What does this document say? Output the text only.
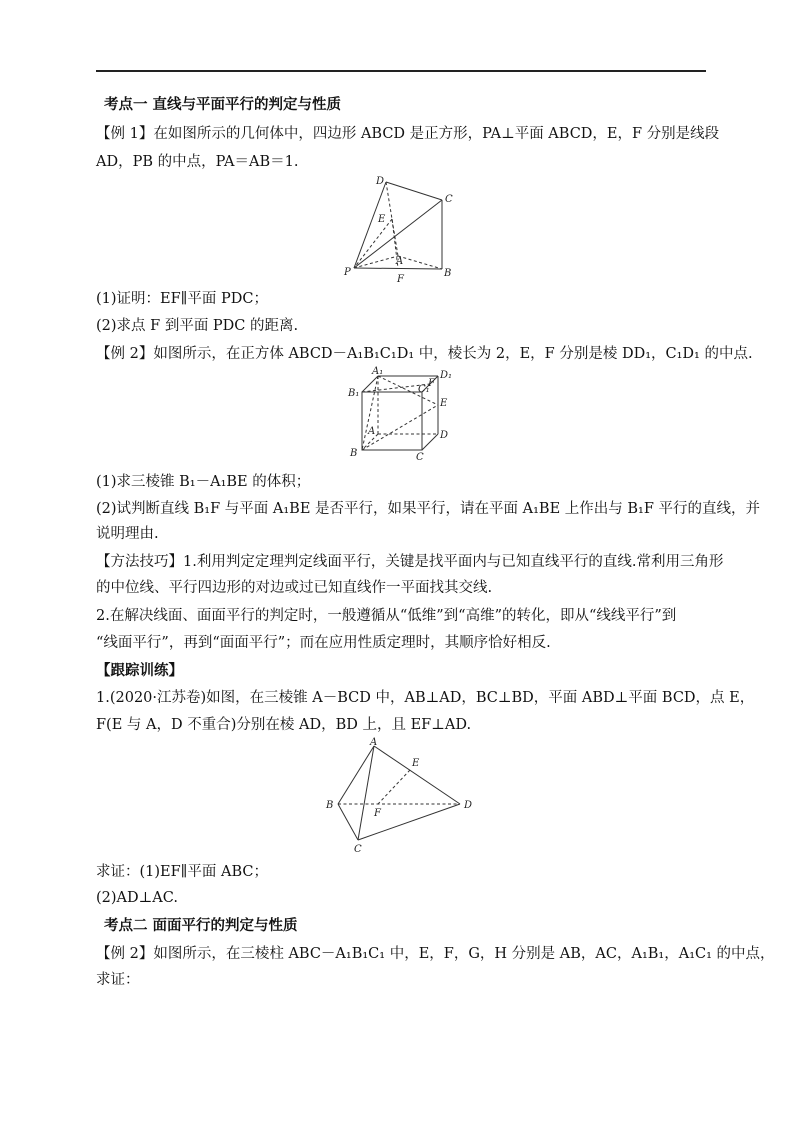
考点一 直线与平面平行的判定与性质
【例 1】在如图所示的几何体中，四边形 ABCD 是正方形，PA⊥平面 ABCD，E，F 分别是线段
AD，PB 的中点，PA＝AB＝1.
D
C
E
A
P
F
B
(1)证明：EF∥平面 PDC；
(2)求点 F 到平面 PDC 的距离.
【例 2】如图所示，在正方体 ABCD－A₁B₁C₁D₁ 中，棱长为 2，E，F 分别是棱 DD₁，C₁D₁ 的中点.
A₁	D₁
B₁	C₁
F
E
A	D
B	C
(1)求三棱锥 B₁－A₁BE 的体积；
(2)试判断直线 B₁F 与平面 A₁BE 是否平行，如果平行，请在平面 A₁BE 上作出与 B₁F 平行的直线，并
说明理由.
【方法技巧】1.利用判定定理判定线面平行，关键是找平面内与已知直线平行的直线.常利用三角形
的中位线、平行四边形的对边或过已知直线作一平面找其交线.
2.在解决线面、面面平行的判定时，一般遵循从“低维”到“高维”的转化，即从“线线平行”到
“线面平行”，再到“面面平行”；而在应用性质定理时，其顺序恰好相反.
【跟踪训练】
1.(2020·江苏卷)如图，在三棱锥 A－BCD 中，AB⊥AD，BC⊥BD，平面 ABD⊥平面 BCD，点 E，
F(E 与 A，D 不重合)分别在棱 AD，BD 上，且 EF⊥AD.
A
E
B	D
F
C
求证：(1)EF∥平面 ABC；
(2)AD⊥AC.
考点二 面面平行的判定与性质
【例 2】如图所示，在三棱柱 ABC－A₁B₁C₁ 中，E，F，G，H 分别是 AB，AC，A₁B₁，A₁C₁ 的中点，
求证：
